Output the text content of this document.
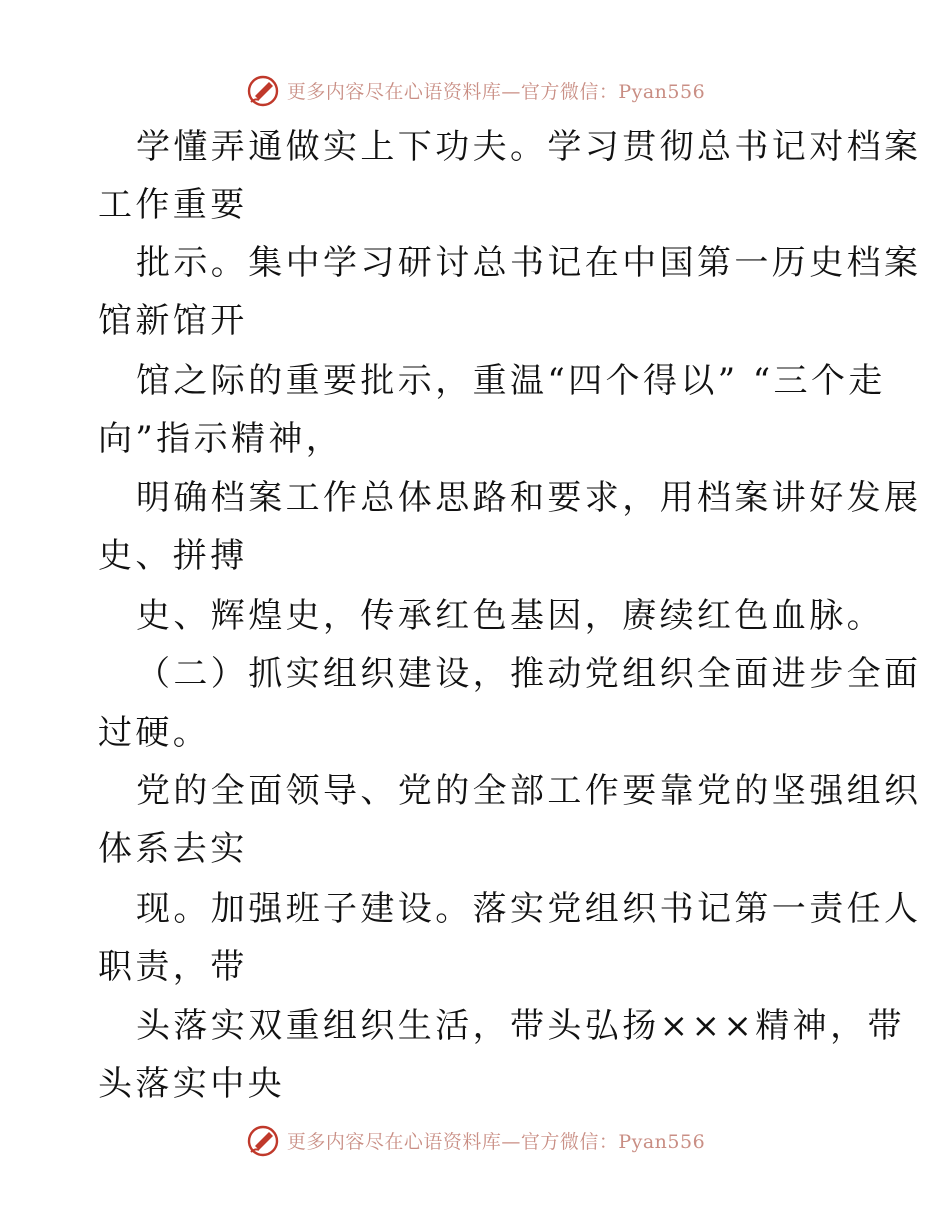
更多内容尽在心语资料库—官方微信：Pyan556
学懂弄通做实上下功夫。学习贯彻总书记对档案
工作重要
批示。集中学习研讨总书记在中国第一历史档案
馆新馆开
馆之际的重要批示，重温“四个得以” “三个走
向”指示精神，
明确档案工作总体思路和要求，用档案讲好发展
史、拼搏
史、辉煌史，传承红色基因，赓续红色血脉。
（二）抓实组织建设，推动党组织全面进步全面
过硬。
党的全面领导、党的全部工作要靠党的坚强组织
体系去实
现。加强班子建设。落实党组织书记第一责任人
职责，带
头落实双重组织生活，带头弘扬×××精神，带
头落实中央
更多内容尽在心语资料库—官方微信：Pyan556
